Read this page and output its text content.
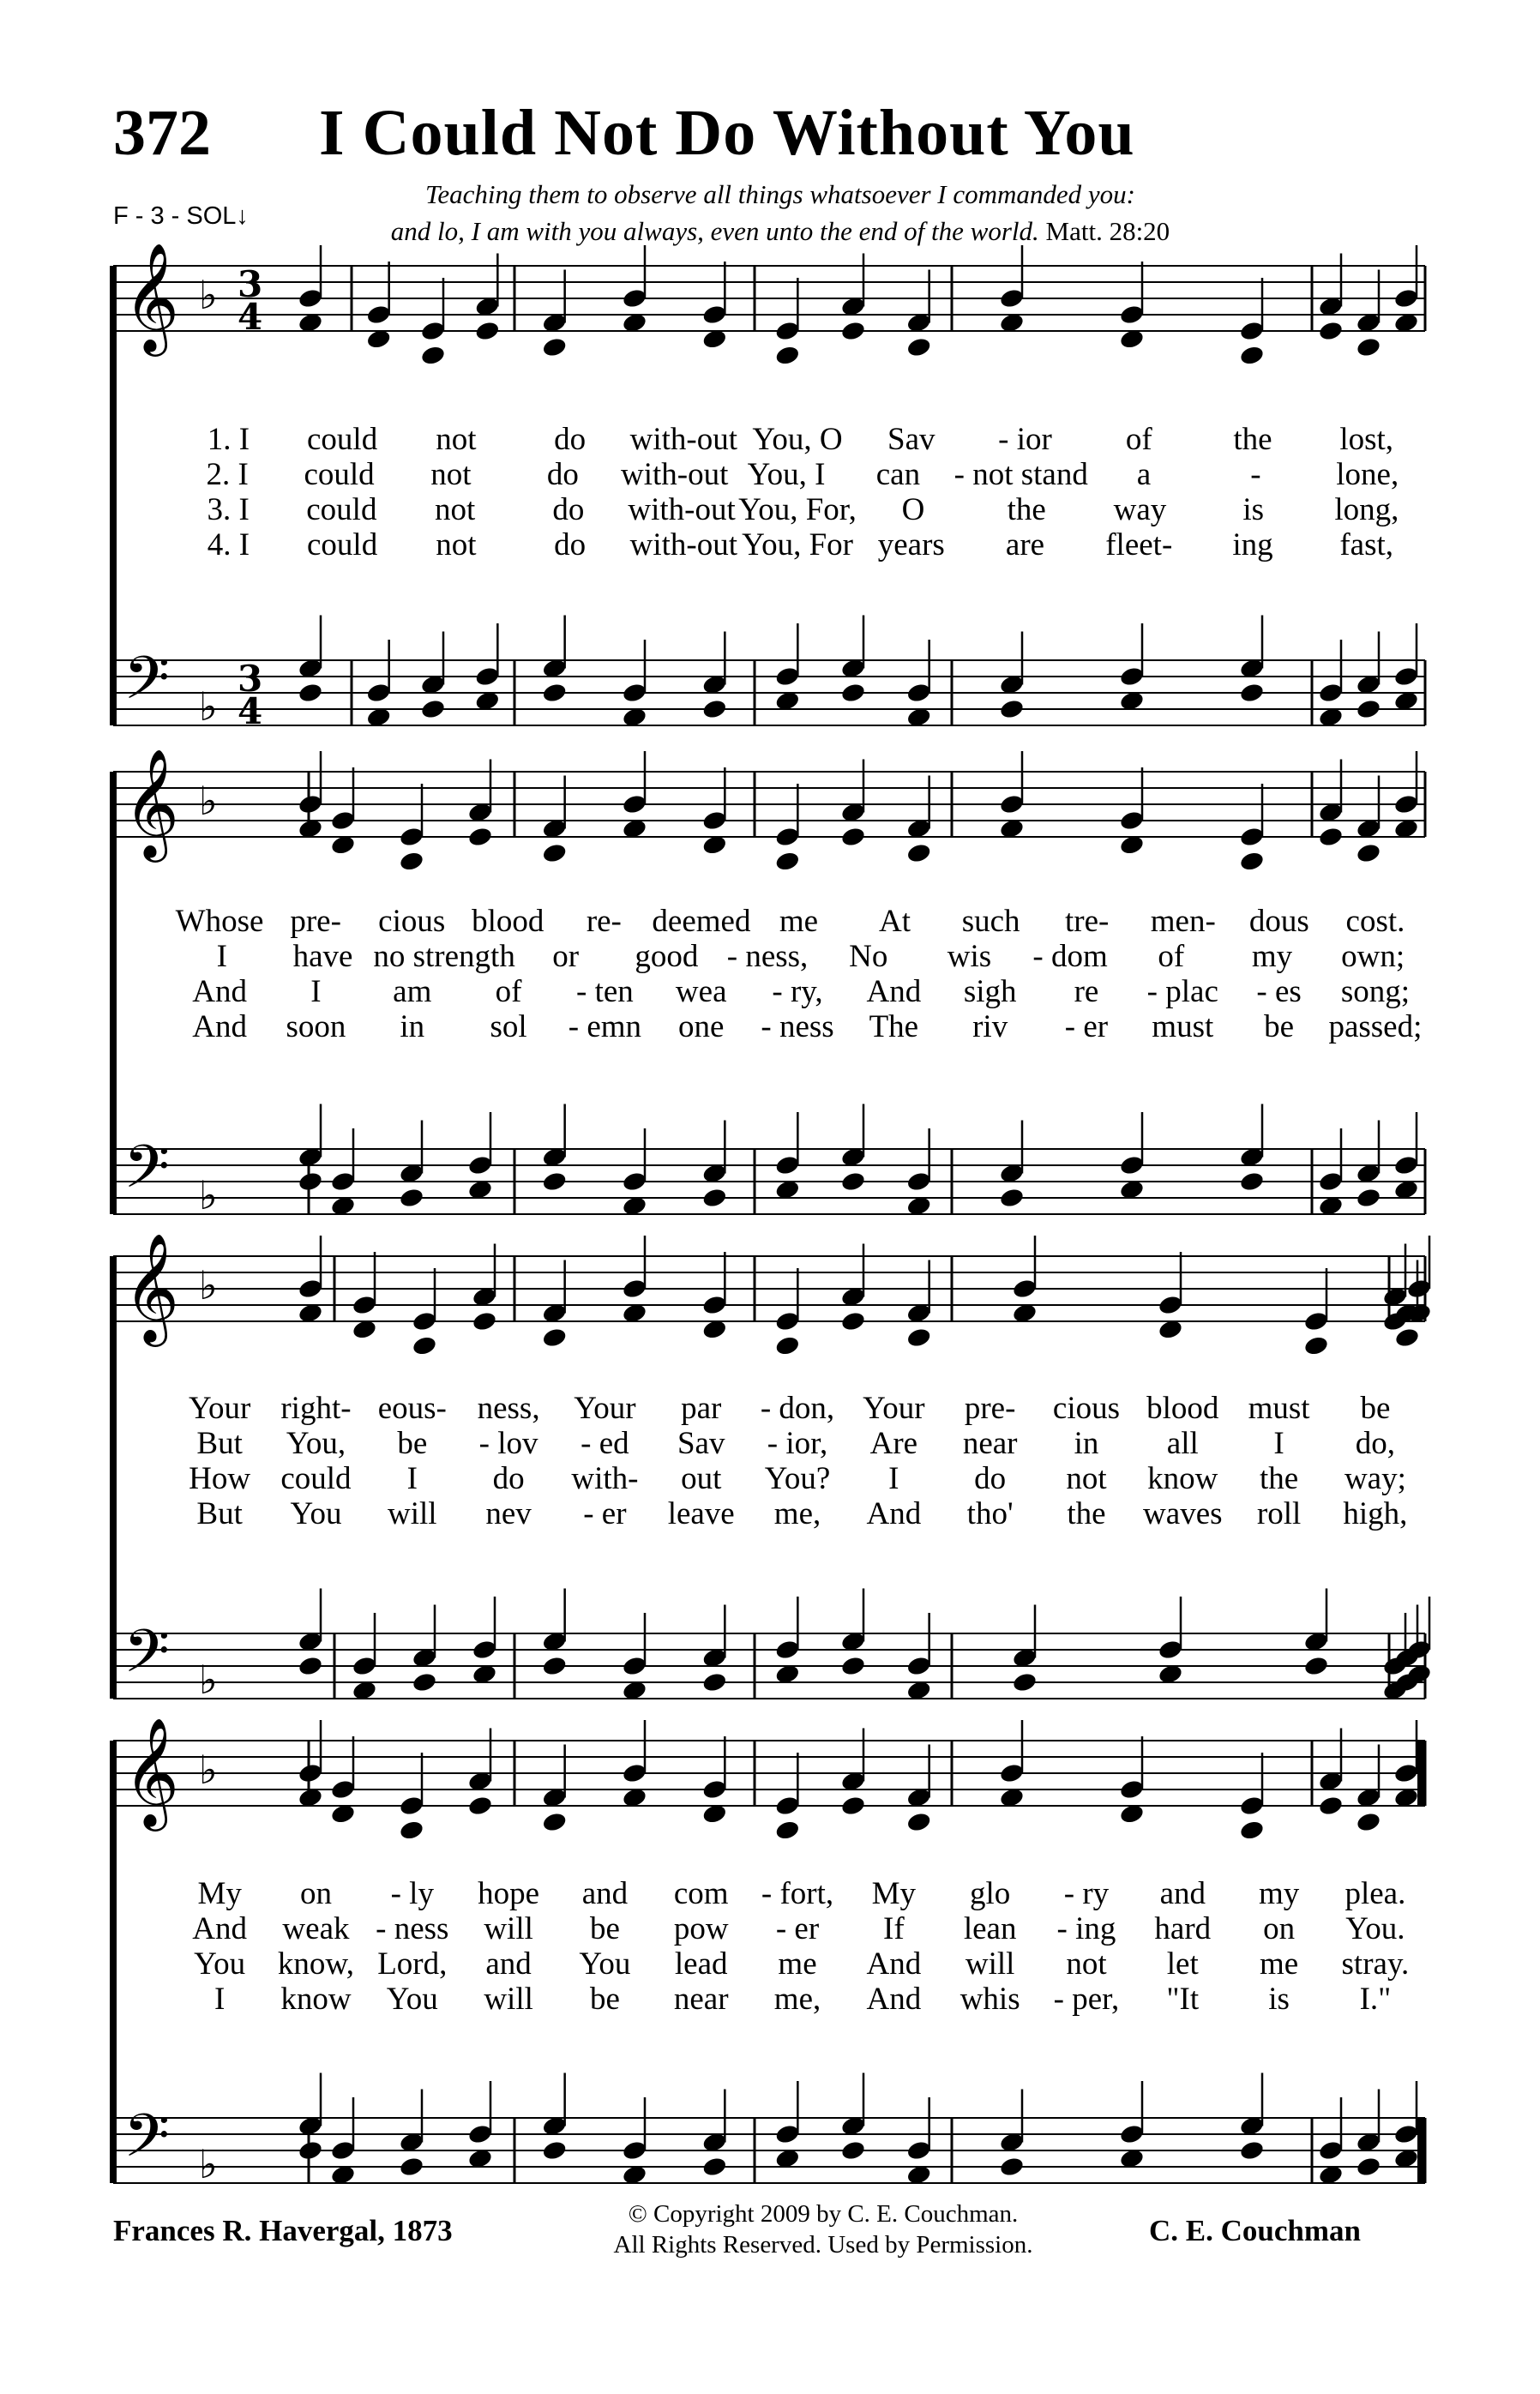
372 I Could Not Do Without You
F - 3 - SOL↓
Teaching them to observe all things whatsoever I commanded you:
and lo, I am with you always, even unto the end of the world. Matt. 28:20
𝄞 ♭ 3
4
𝄢 ♭
3
4
𝄞 ♭
𝄢 ♭
𝄞 ♭
𝄢 ♭
𝄞 ♭
𝄢 ♭
1. I	could	not	do	with-out You, O	Sav	- ior	of	the	lost,
2. I	could	not	do	with-out You, I	can	- not stand	a	-	lone,
3. I	could	not	do	with-out You, For,	O	the	way	is	long,
4. I	could	not	do	with-out You, For years	are	fleet-	ing	fast,
Whose pre-	cious blood	re- deemed me	At	such	tre-	men-	dous	cost.
I	have no strength	or	good - ness,	No	wis	- dom	of	my	own;
And	I	am	of	- ten	wea	- ry,	And	sigh	re	- plac	- es	song;
And	soon	in	sol	- emn	one	- ness	The	riv	- er	must	be	passed;
Your right- eous- ness,	Your	par	- don, Your	pre-	cious blood must	be
But	You,	be	- lov	- ed	Sav	- ior,	Are	near	in	all	I	do,
How could	I	do	with-	out	You?	I	do	not	know	the	way;
But	You	will	nev	- er	leave	me,	And	tho'	the	waves	roll	high,
My	on	- ly	hope	and	com	- fort,	My	glo	- ry	and	my	plea.
And	weak - ness	will	be	pow	- er	If	lean	- ing	hard	on	You.
You	know, Lord,	and	You	lead	me	And	will	not	let	me	stray.
I	know	You	will	be	near	me,	And	whis	- per,	"It	is	I."
Frances R. Havergal, 1873	© Copyright 2009 by C. E. Couchman.
All Rights Reserved. Used by Permission.	C. E. Couchman
